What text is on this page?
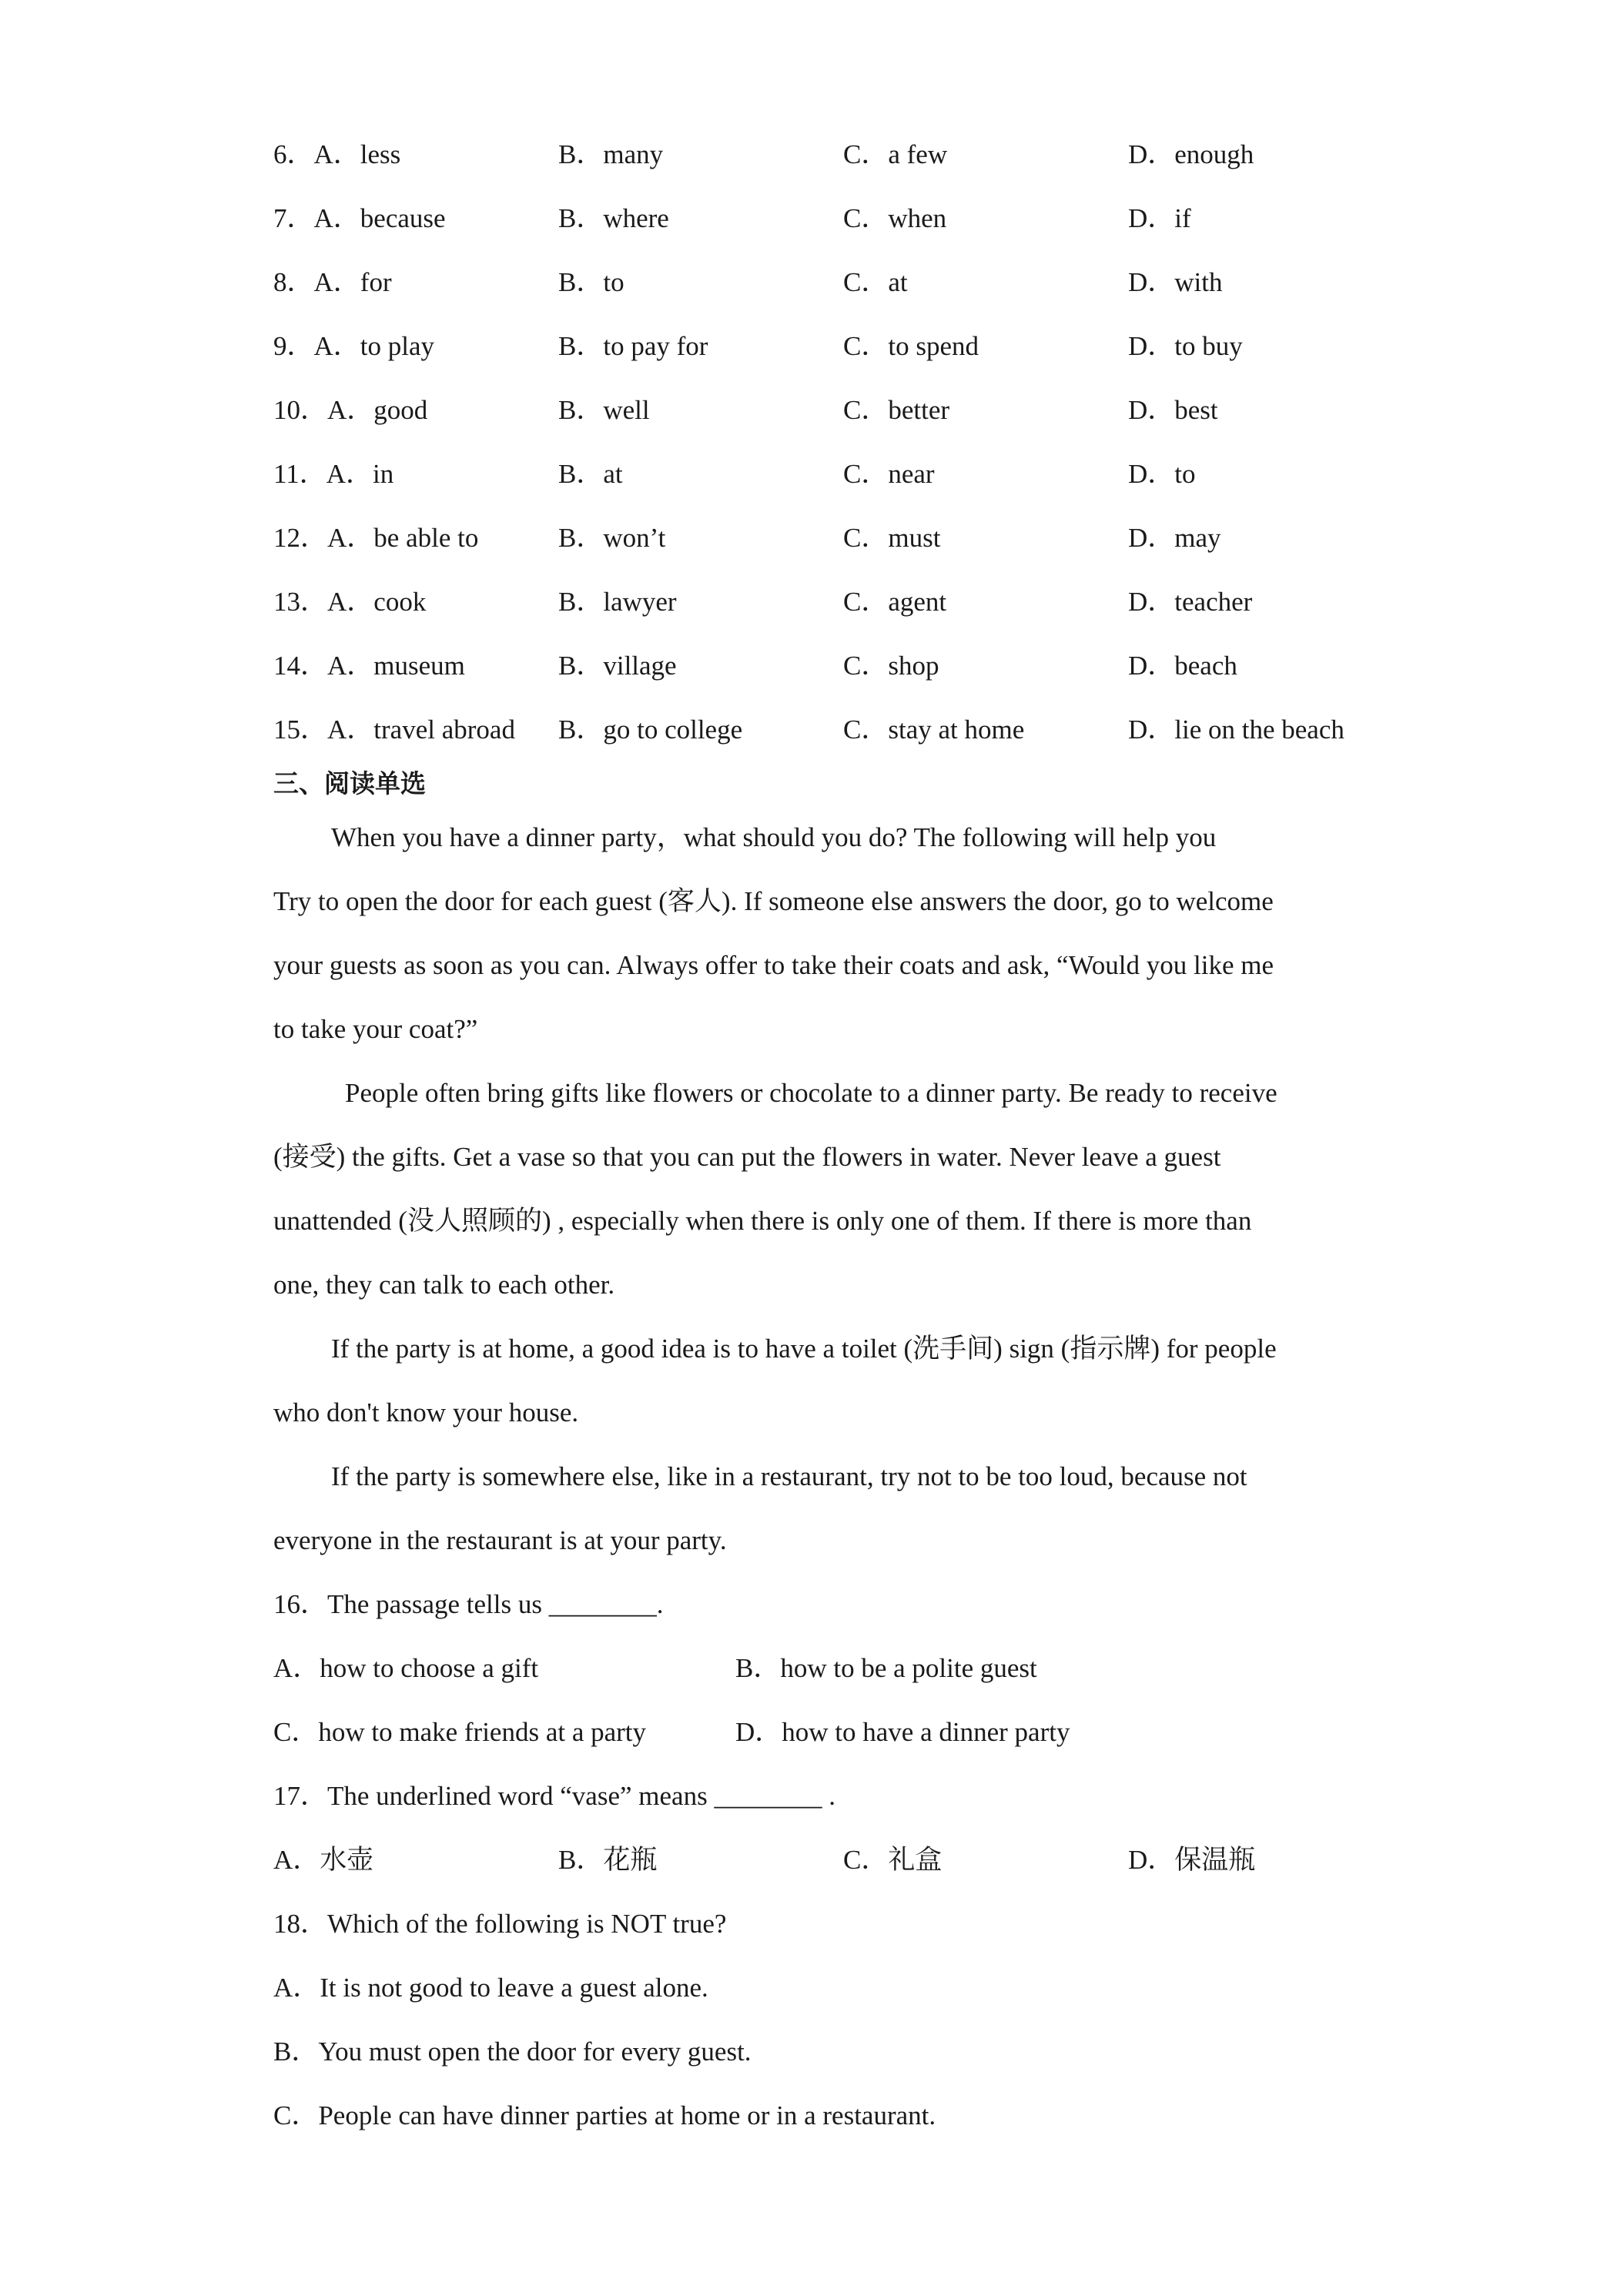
6．A．less	B．many	C．a few	D．enough
7．A．because	B．where	C．when	D．if
8．A．for	B．to	C．at	D．with
9．A．to play	B．to pay for	C．to spend	D．to buy
10．A．good	B．well	C．better	D．best
11．A．in	B．at	C．near	D．to
12．A．be able to	B．won’t	C．must	D．may
13．A．cook	B．lawyer	C．agent	D．teacher
14．A．museum	B．village	C．shop	D．beach
15．A．travel abroad B．go to college	C．stay at home	D．lie on the beach
三、阅读单选
When you have a dinner party，what should you do? The following will help you
Try to open the door for each guest (客人). If someone else answers the door, go to welcome
your guests as soon as you can. Always offer to take their coats and ask, “Would you like me
to take your coat?”
People often bring gifts like flowers or chocolate to a dinner party. Be ready to receive
(接受) the gifts. Get a vase so that you can put the flowers in water. Never leave a guest
unattended (没人照顾的) , especially when there is only one of them. If there is more than
one, they can talk to each other.
If the party is at home, a good idea is to have a toilet (洗手间) sign (指示牌) for people
who don't know your house.
If the party is somewhere else, like in a restaurant, try not to be too loud, because not
everyone in the restaurant is at your party.
16．The passage tells us ________.
A．how to choose a gift	B．how to be a polite guest
C．how to make friends at a party	D．how to have a dinner party
17．The underlined word “vase” means ________ .
A．水壶	B．花瓶	C．礼盒	D．保温瓶
18．Which of the following is NOT true?
A．It is not good to leave a guest alone.
B．You must open the door for every guest.
C．People can have dinner parties at home or in a restaurant.
